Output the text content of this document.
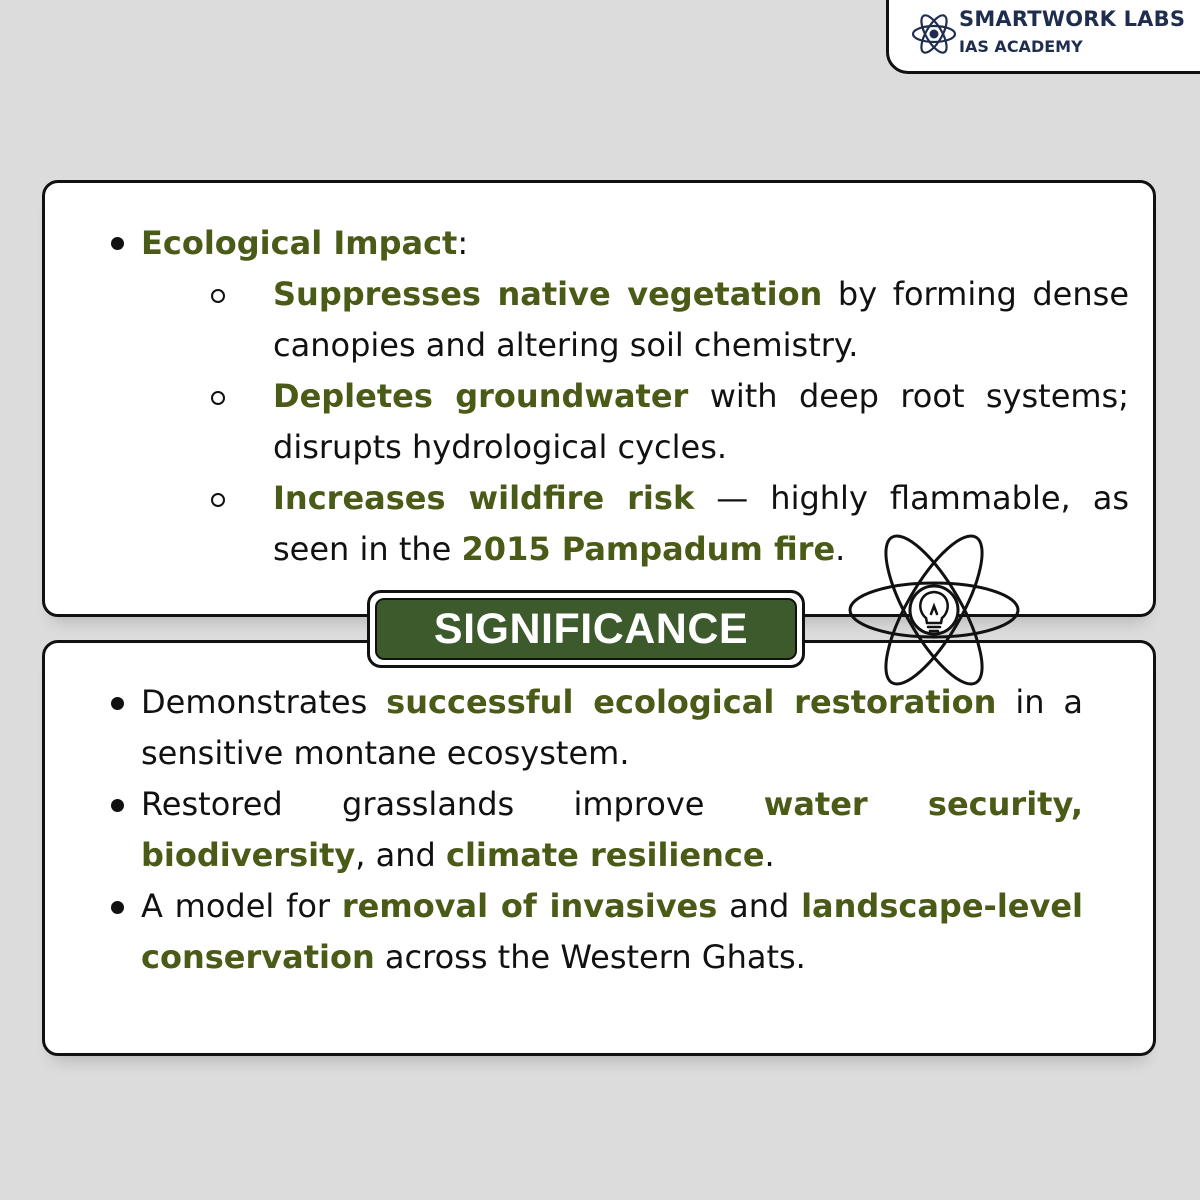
SMARTWORK LABS
IAS ACADEMY
Ecological Impact:
Suppresses native vegetation by forming dense canopies and altering soil chemistry.
Depletes groundwater with deep root systems; disrupts hydrological cycles.
Increases wildfire risk — highly flammable, as seen in the 2015 Pampadum fire.
Demonstrates successful ecological restoration in a sensitive montane ecosystem.
Restored grasslands improve water security, biodiversity, and climate resilience.
A model for removal of invasives and landscape-level conservation across the Western Ghats.
SIGNIFICANCE
